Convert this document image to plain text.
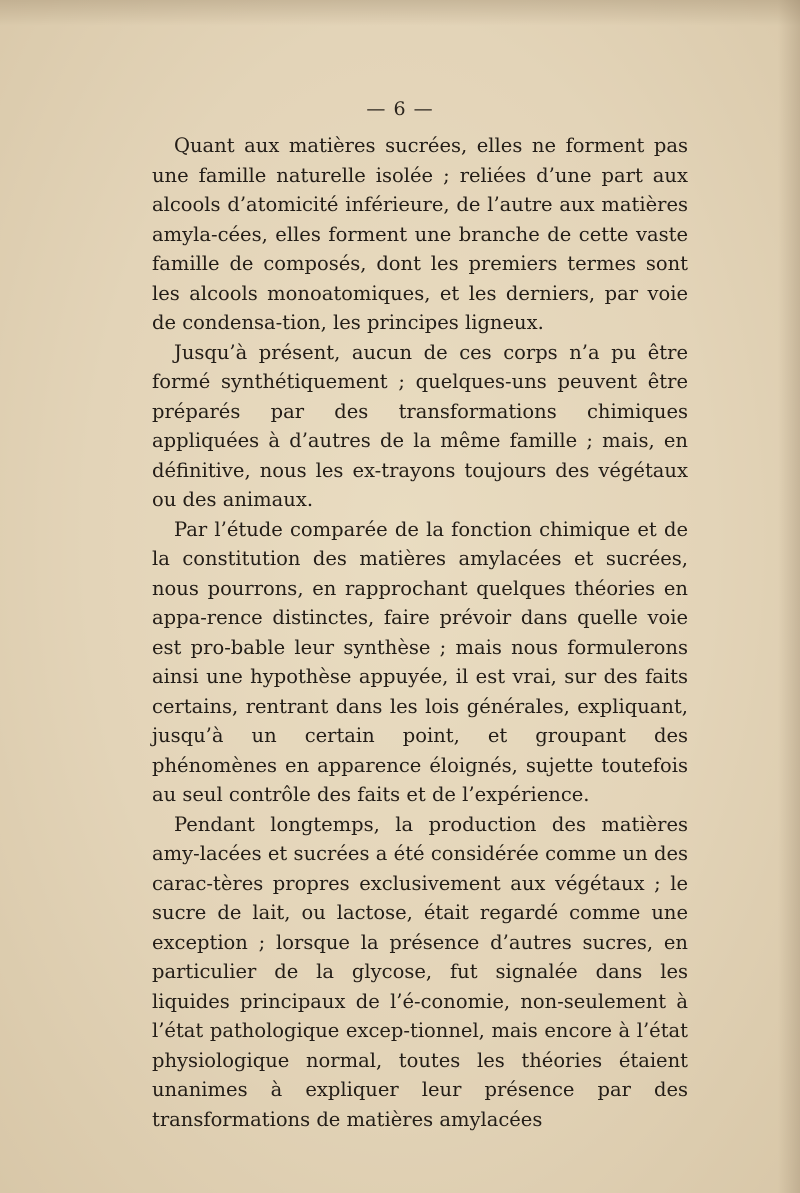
— 6 —

Quant aux matières sucrées, elles ne forment pas une famille naturelle isolée ; reliées d’une part aux alcools d’atomicité inférieure, de l’autre aux matières amyla-cées, elles forment une branche de cette vaste famille de composés, dont les premiers termes sont les alcools monoatomiques, et les derniers, par voie de condensa-tion, les principes ligneux.

Jusqu’à présent, aucun de ces corps n’a pu être formé synthétiquement ; quelques-uns peuvent être préparés par des transformations chimiques appliquées à d’autres de la même famille ; mais, en définitive, nous les ex-trayons toujours des végétaux ou des animaux.

Par l’étude comparée de la fonction chimique et de la constitution des matières amylacées et sucrées, nous pourrons, en rapprochant quelques théories en appa-rence distinctes, faire prévoir dans quelle voie est pro-bable leur synthèse ; mais nous formulerons ainsi une hypothèse appuyée, il est vrai, sur des faits certains, rentrant dans les lois générales, expliquant, jusqu’à un certain point, et groupant des phénomènes en apparence éloignés, sujette toutefois au seul contrôle des faits et de l’expérience.

Pendant longtemps, la production des matières amy-lacées et sucrées a été considérée comme un des carac-tères propres exclusivement aux végétaux ; le sucre de lait, ou lactose, était regardé comme une exception ; lorsque la présence d’autres sucres, en particulier de la glycose, fut signalée dans les liquides principaux de l’é-conomie, non-seulement à l’état pathologique excep-tionnel, mais encore à l’état physiologique normal, toutes les théories étaient unanimes à expliquer leur présence par des transformations de matières amylacées
